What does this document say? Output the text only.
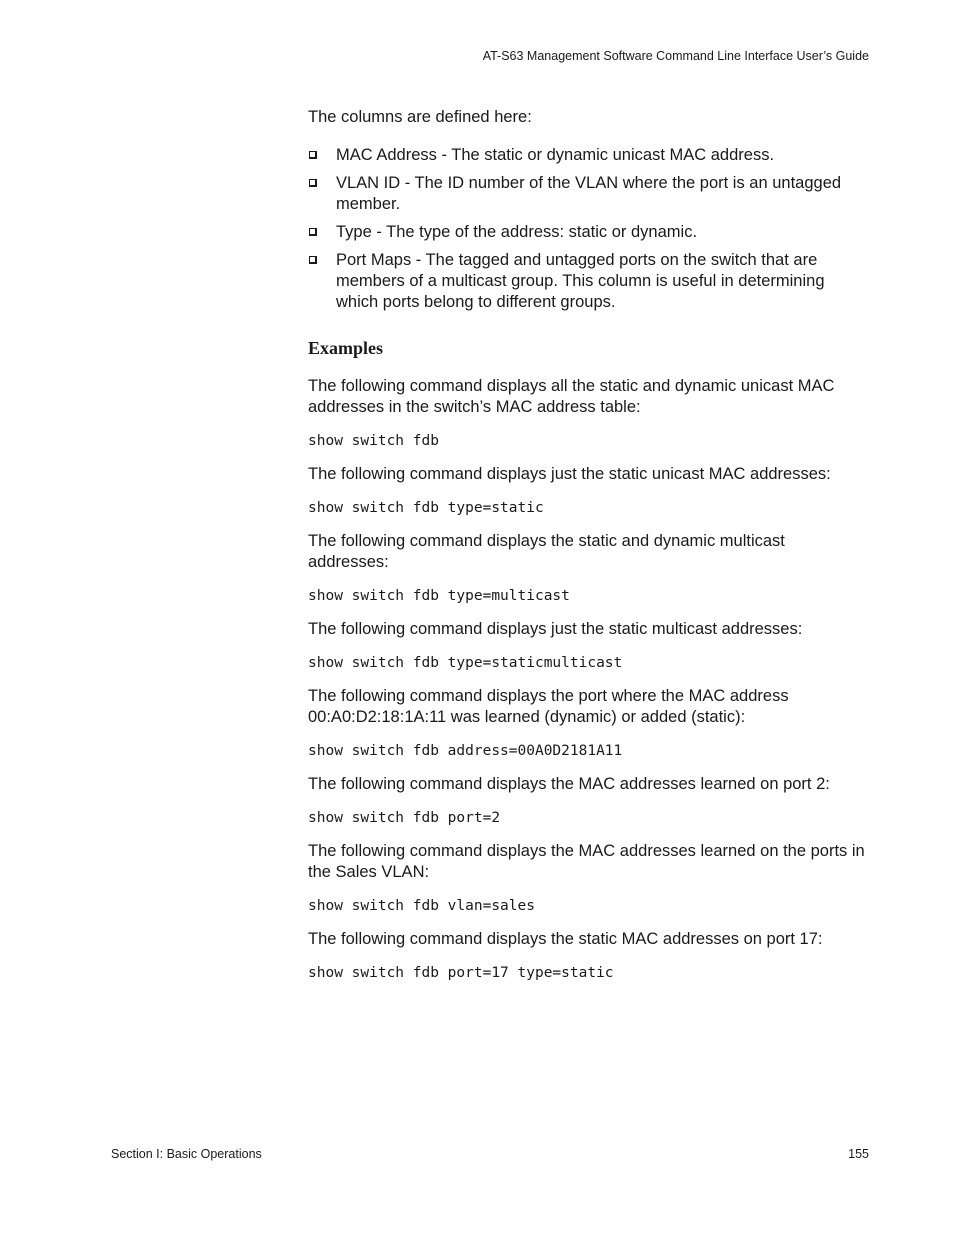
AT-S63 Management Software Command Line Interface User’s Guide

The columns are defined here:

MAC Address - The static or dynamic unicast MAC address.
VLAN ID - The ID number of the VLAN where the port is an untagged member.
Type - The type of the address: static or dynamic.
Port Maps - The tagged and untagged ports on the switch that are members of a multicast group. This column is useful in determining which ports belong to different groups.
Examples

The following command displays all the static and dynamic unicast MAC addresses in the switch’s MAC address table:

show switch fdb

The following command displays just the static unicast MAC addresses:

show switch fdb type=static

The following command displays the static and dynamic multicast addresses:

show switch fdb type=multicast

The following command displays just the static multicast addresses:

show switch fdb type=staticmulticast

The following command displays the port where the MAC address 00:A0:D2:18:1A:11 was learned (dynamic) or added (static):

show switch fdb address=00A0D2181A11

The following command displays the MAC addresses learned on port 2:

show switch fdb port=2

The following command displays the MAC addresses learned on the ports in the Sales VLAN:

show switch fdb vlan=sales

The following command displays the static MAC addresses on port 17:

show switch fdb port=17 type=static
Section I: Basic Operations	155
